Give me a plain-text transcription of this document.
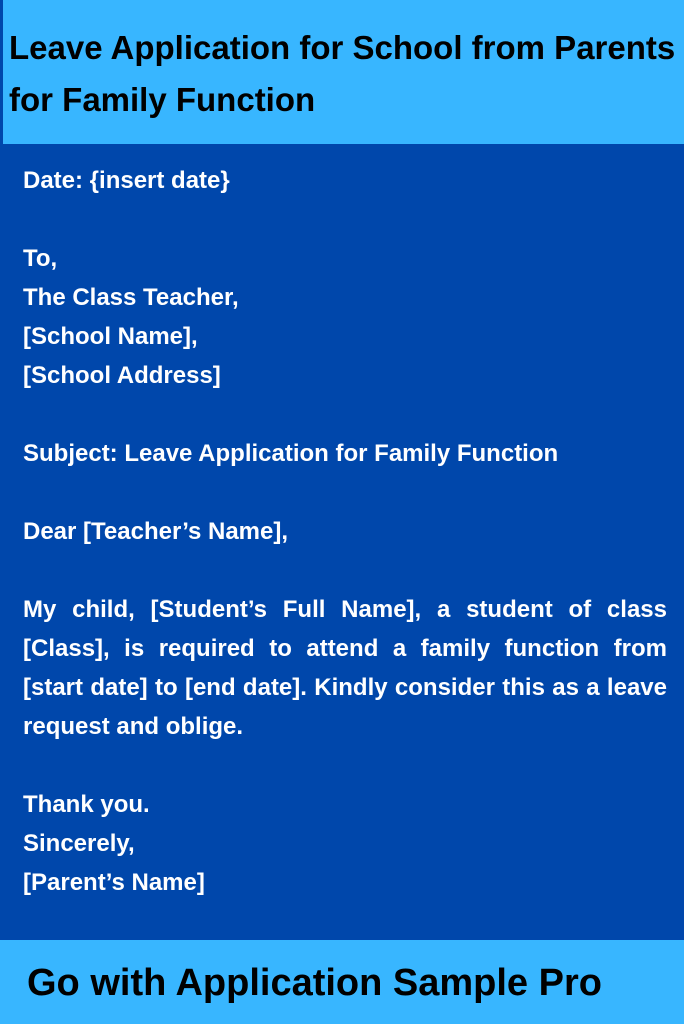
Leave Application for School from Parents for Family Function
Date: {insert date}
To,
The Class Teacher,
[School Name],
[School Address]
Subject: Leave Application for Family Function
Dear [Teacher’s Name],
My child, [Student’s Full Name], a student of class [Class], is required to attend a family function from [start date] to [end date]. Kindly consider this as a leave request and oblige.
Thank you.
Sincerely,
[Parent’s Name]

Go with Application Sample Pro
